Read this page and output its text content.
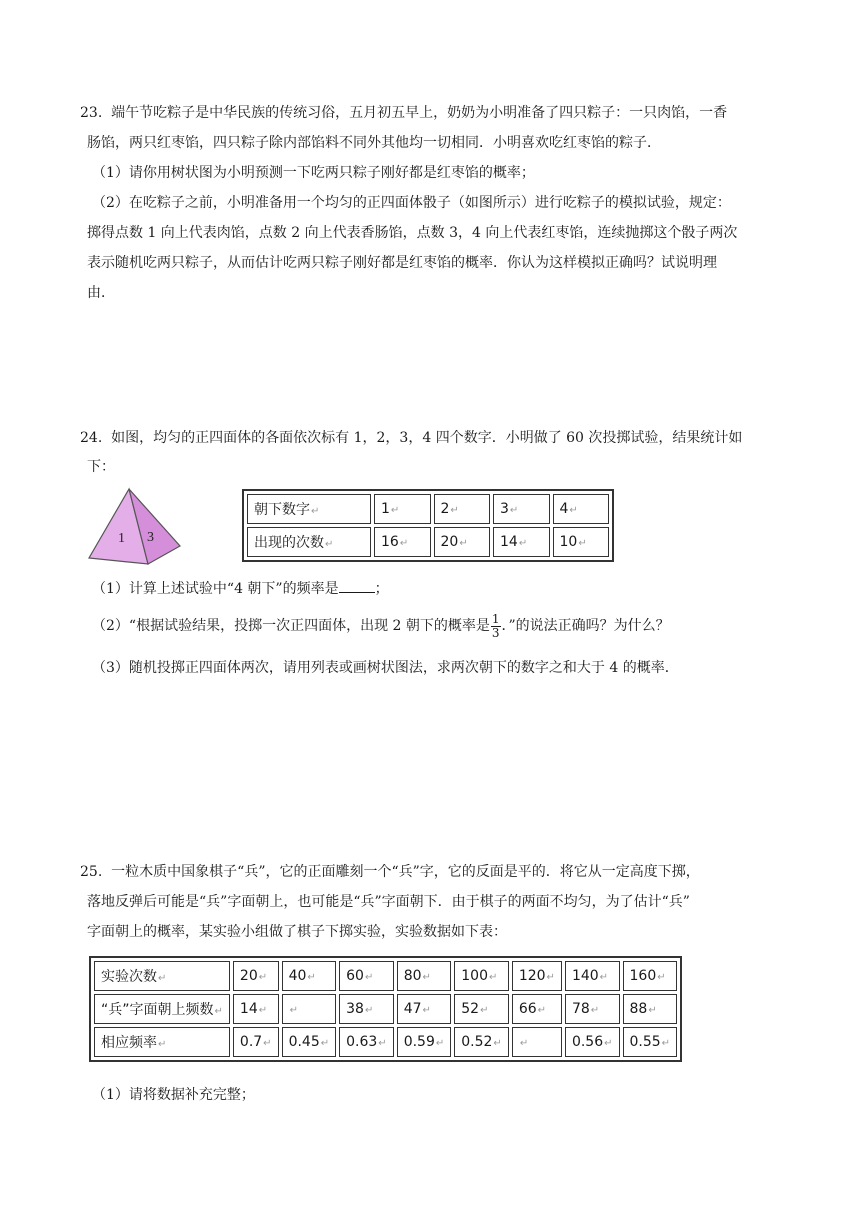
23. 端午节吃粽子是中华民族的传统习俗，五月初五早上，奶奶为小明准备了四只粽子：一只肉馅，一香
肠馅，两只红枣馅，四只粽子除内部馅料不同外其他均一切相同．小明喜欢吃红枣馅的粽子．
（1）请你用树状图为小明预测一下吃两只粽子刚好都是红枣馅的概率；
（2）在吃粽子之前，小明准备用一个均匀的正四面体骰子（如图所示）进行吃粽子的模拟试验，规定：
掷得点数 1 向上代表肉馅，点数 2 向上代表香肠馅，点数 3，4 向上代表红枣馅，连续抛掷这个骰子两次
表示随机吃两只粽子，从而估计吃两只粽子刚好都是红枣馅的概率．你认为这样模拟正确吗？试说明理
由．
24. 如图，均匀的正四面体的各面依次标有 1，2，3，4 四个数字．小明做了 60 次投掷试验，结果统计如
下：
1 3
朝下数字↵	1↵	2↵	3↵	4↵
出现的次数↵	16↵	20↵	14↵	10↵
（1）计算上述试验中“4 朝下”的频率是	；
（2）“根据试验结果，投掷一次正四面体，出现 2 朝下的概率是 $\frac{1}{3}$ ．”的说法正确吗？为什么？
（3）随机投掷正四面体两次，请用列表或画树状图法，求两次朝下的数字之和大于 4 的概率．
25. 一粒木质中国象棋子“兵”，它的正面雕刻一个“兵”字，它的反面是平的．将它从一定高度下掷，
落地反弹后可能是“兵”字面朝上，也可能是“兵”字面朝下．由于棋子的两面不均匀，为了估计“兵”
字面朝上的概率，某实验小组做了棋子下掷实验，实验数据如下表：
实验次数↵	20↵	40↵	60↵	80↵	100↵	120↵	140↵	160↵
“兵”字面朝上频数↵	14↵	↵	38↵	47↵	52↵	66↵	78↵	88↵
相应频率↵	0.7↵	0.45↵	0.63↵	0.59↵	0.52↵	↵	0.56↵	0.55↵
（1）请将数据补充完整；
